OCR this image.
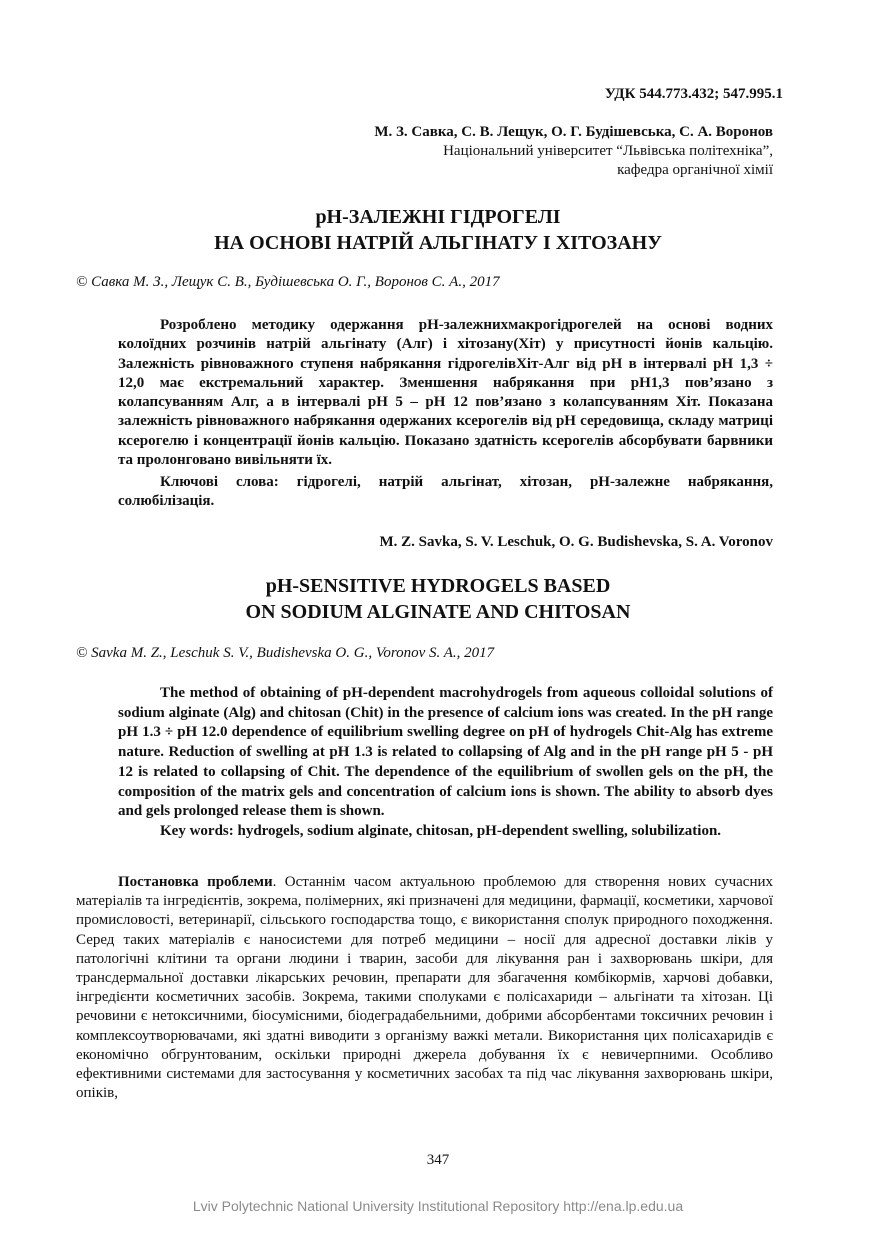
УДК 544.773.432; 547.995.1
М. З. Савка, С. В. Лещук, О. Г. Будішевська, С. А. Воронов
Національний університет “Львівська політехніка”,
кафедра органічної хімії
pH-ЗАЛЕЖНІ ГІДРОГЕЛІ
НА ОСНОВІ НАТРІЙ АЛЬГІНАТУ І ХІТОЗАНУ
© Савка М. З., Лещук С. В., Будішевська О. Г., Воронов С. А., 2017

Розроблено методику одержання рН-залежнихмакрогідрогелей на основі водних колоїдних розчинів натрій альгінату (Алг) і хітозану(Хіт) у присутності йонів кальцію. Залежність рівноважного ступеня набрякання гідрогелівХіт-Алг від рН в інтервалі рН 1,3 ÷ 12,0 має екстремальний характер. Зменшення набрякання при рН1,3 пов’язано з колапсуванням Алг, а в інтервалі рН 5 – рН 12 пов’язано з колапсуванням Хіт. Показана залежність рівноважного набрякання одержаних ксерогелів від рН середовища, складу матриці ксерогелю і концентрації йонів кальцію. Показано здатність ксерогелів абсорбувати барвники та пролонговано вивільняти їх.

Ключові слова: гідрогелі, натрій альгінат, хітозан, рН-залежне набрякання, солюбілізація.

M. Z. Savka, S. V. Leschuk, O. G. Budishevska, S. A. Voronov
pH-SENSITIVE HYDROGELS BASED
ON SODIUM ALGINATE AND CHITOSAN
© Savka M. Z., Leschuk S. V., Budishevska O. G., Voronov S. A., 2017

The method of obtaining of pH-dependent macrohydrogels from aqueous colloidal solutions of sodium alginate (Alg) and chitosan (Chit) in the presence of calcium ions was created. In the pH range pH 1.3 ÷ pH 12.0 dependence of equilibrium swelling degree on pH of hydrogels Chit-Alg has extreme nature. Reduction of swelling at pH 1.3 is related to collapsing of Alg and in the pH range pH 5 - pH 12 is related to collapsing of Chit. The dependence of the equilibrium of swollen gels on the pH, the composition of the matrix gels and concentration of calcium ions is shown. The ability to absorb dyes and gels prolonged release them is shown.

Key words: hydrogels, sodium alginate, chitosan, pH-dependent swelling, solubilization.

Постановка проблеми. Останнім часом актуальною проблемою для створення нових сучасних матеріалів та інгредієнтів, зокрема, полімерних, які призначені для медицини, фармації, косметики, харчової промисловості, ветеринарії, сільського господарства тощо, є використання сполук природного походження. Серед таких матеріалів є наносистеми для потреб медицини – носії для адресної доставки ліків у патологічні клітини та органи людини і тварин, засоби для лікування ран і захворювань шкіри, для трансдермальної доставки лікарських речовин, препарати для збагачення комбікормів, харчові добавки, інгредієнти косметичних засобів. Зокрема, такими сполуками є полісахариди – альгінати та хітозан. Ці речовини є нетоксичними, біосумісними, біодеградабельними, добрими абсорбентами токсичних речовин і комплексоутворювачами, які здатні виводити з організму важкі метали. Використання цих полісахаридів є економічно обгрунтованим, оскільки природні джерела добування їх є невичерпними. Особливо ефективними системами для застосування у косметичних засобах та під час лікування захворювань шкіри, опіків,

347
Lviv Polytechnic National University Institutional Repository http://ena.lp.edu.ua
